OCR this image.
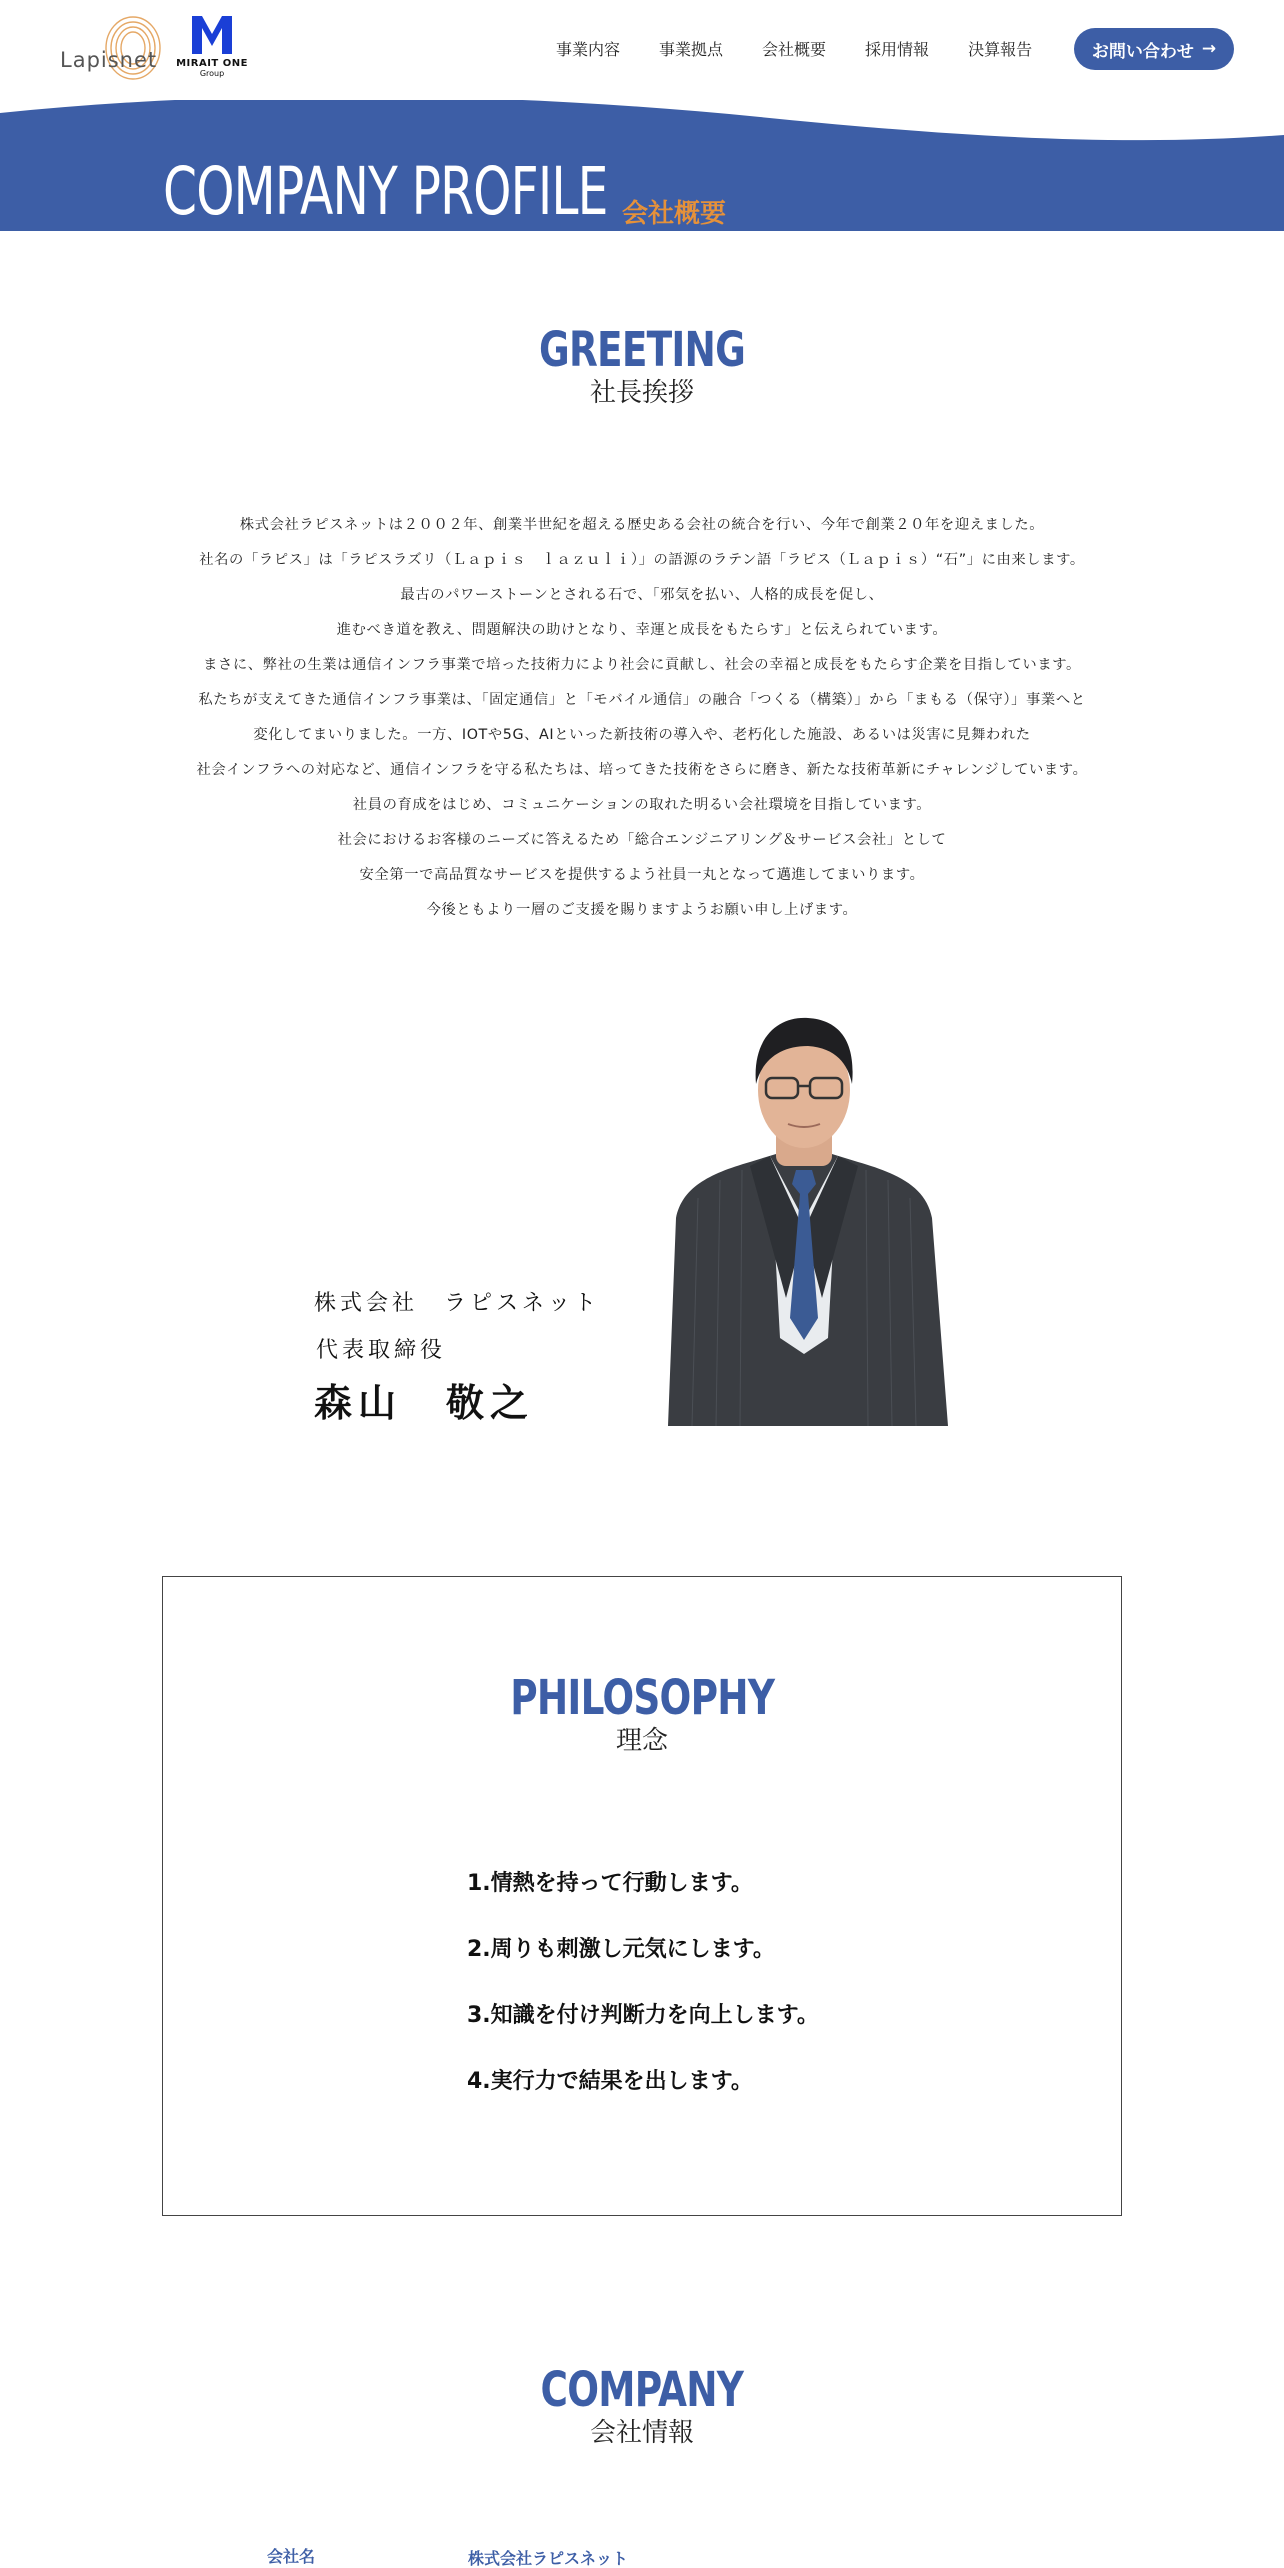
Lapisnet	MIRAIT ONE
Group
事業内容 事業拠点 会社概要 採用情報 決算報告	お問い合わせ →
COMPANY PROFILE 会社概要
GREETING
社長挨拶

株式会社ラピスネットは２００２年、創業半世紀を超える歴史ある会社の統合を行い、今年で創業２０年を迎えました。

社名の「ラピス」は「ラピスラズリ（Ｌａｐｉｓ　ｌａｚｕｌｉ）」の語源のラテン語「ラピス（Ｌａｐｉｓ）“石”」に由来します。

最古のパワーストーンとされる石で、「邪気を払い、人格的成長を促し、

進むべき道を教え、問題解決の助けとなり、幸運と成長をもたらす」と伝えられています。

まさに、弊社の生業は通信インフラ事業で培った技術力により社会に貢献し、社会の幸福と成長をもたらす企業を目指しています。

私たちが支えてきた通信インフラ事業は、「固定通信」と「モバイル通信」の融合「つくる（構築）」から「まもる（保守）」事業へと

変化してまいりました。一方、IOTや5G、AIといった新技術の導入や、老朽化した施設、あるいは災害に見舞われた

社会インフラへの対応など、通信インフラを守る私たちは、培ってきた技術をさらに磨き、新たな技術革新にチャレンジしています。

社員の育成をはじめ、コミュニケーションの取れた明るい会社環境を目指しています。

社会におけるお客様のニーズに答えるため「総合エンジニアリング＆サービス会社」として

安全第一で高品質なサービスを提供するよう社員一丸となって邁進してまいります。

今後ともより一層のご支援を賜りますようお願い申し上げます。

株式会社　ラピスネット
代表取締役
森山　敬之
PHILOSOPHY
理念
1.情熱を持って行動します。
2.周りも刺激し元気にします。
3.知識を付け判断力を向上します。
4.実行力で結果を出します。
COMPANY
会社情報
会社名	株式会社ラピスネット
